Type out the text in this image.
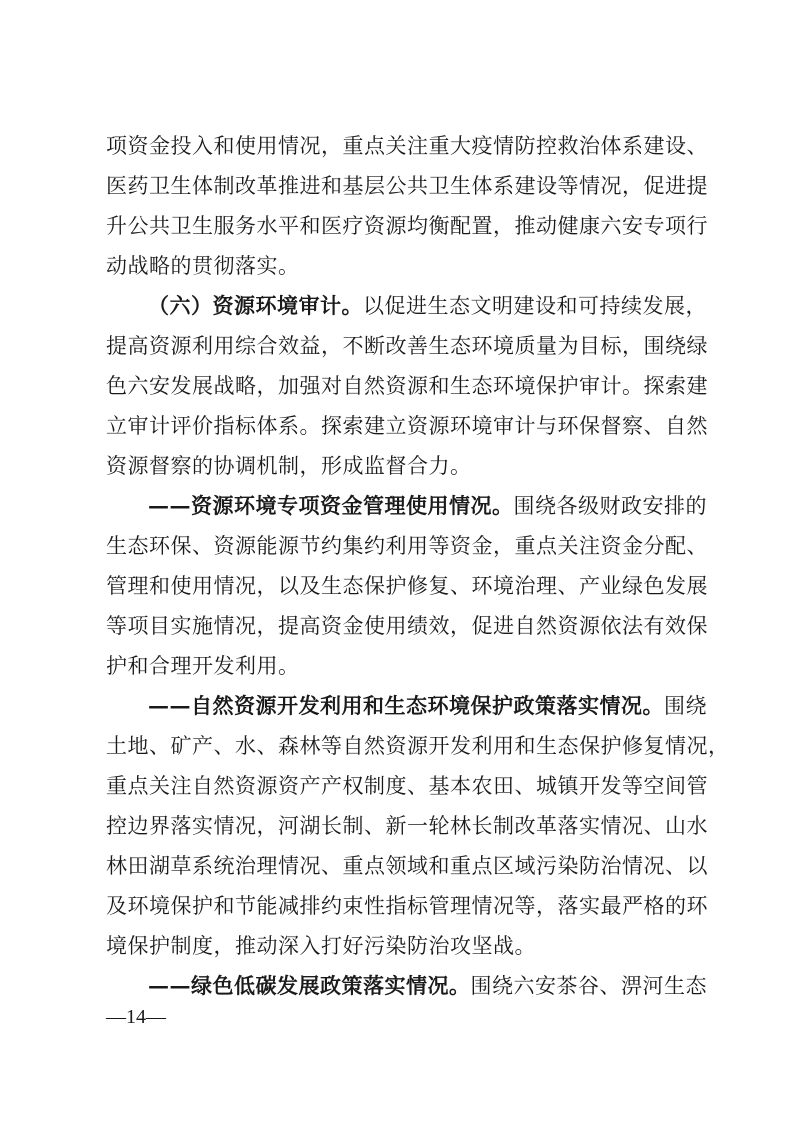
项资金投入和使用情况，重点关注重大疫情防控救治体系建设、
医药卫生体制改革推进和基层公共卫生体系建设等情况，促进提
升公共卫生服务水平和医疗资源均衡配置，推动健康六安专项行
动战略的贯彻落实。
（六）资源环境审计。以促进生态文明建设和可持续发展，
提高资源利用综合效益，不断改善生态环境质量为目标，围绕绿
色六安发展战略，加强对自然资源和生态环境保护审计。探索建
立审计评价指标体系。探索建立资源环境审计与环保督察、自然
资源督察的协调机制，形成监督合力。
——资源环境专项资金管理使用情况。围绕各级财政安排的
生态环保、资源能源节约集约利用等资金，重点关注资金分配、
管理和使用情况，以及生态保护修复、环境治理、产业绿色发展
等项目实施情况，提高资金使用绩效，促进自然资源依法有效保
护和合理开发利用。
——自然资源开发利用和生态环境保护政策落实情况。围绕
土地、矿产、水、森林等自然资源开发利用和生态保护修复情况，
重点关注自然资源资产产权制度、基本农田、城镇开发等空间管
控边界落实情况，河湖长制、新一轮林长制改革落实情况、山水
林田湖草系统治理情况、重点领域和重点区域污染防治情况、以
及环境保护和节能减排约束性指标管理情况等，落实最严格的环
境保护制度，推动深入打好污染防治攻坚战。
——绿色低碳发展政策落实情况。围绕六安茶谷、淠河生态
—14—
